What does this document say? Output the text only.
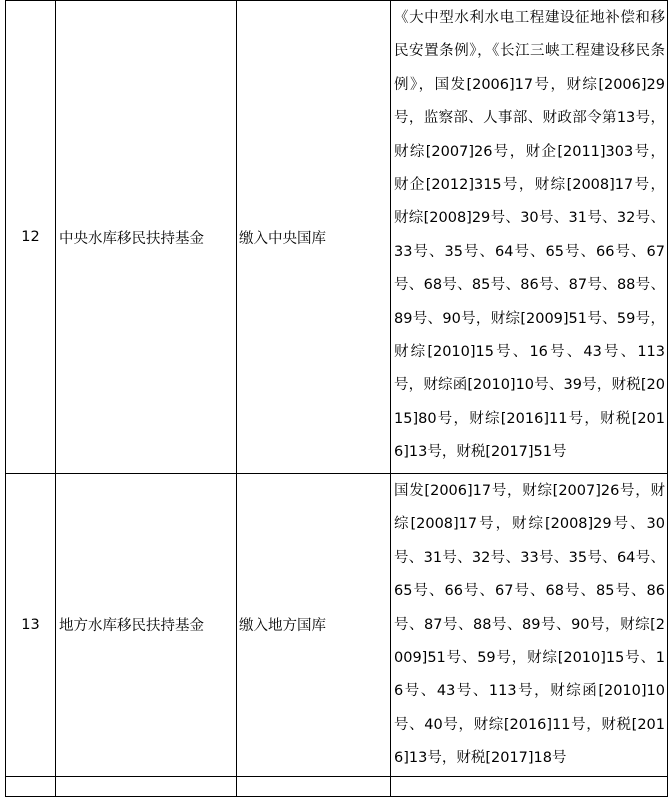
12	中央水库移民扶持基金	缴入中央国库	《大中型水利水电工程建设征地补偿和移民安置条例》，《长江三峡工程建设移民条例》，国发[2006]17号，财综[2006]29号，监察部、人事部、财政部令第13号，财综[2007]26号，财企[2011]303号，财企[2012]315号，财综[2008]17号，财综[2008]29号、30号、31号、32号、33号、35号、64号、65号、66号、67号、68号、85号、86号、87号、88号、89号、90号，财综[2009]51号、59号，财综[2010]15号、16号、43号、113号，财综函[2010]10号、39号，财税[2015]80号，财综[2016]11号，财税[2016]13号，财税[2017]51号
13	地方水库移民扶持基金	缴入地方国库	国发[2006]17号，财综[2007]26号，财综[2008]17号，财综[2008]29号、30号、31号、32号、33号、35号、64号、65号、66号、67号、68号、85号、86号、87号、88号、89号、90号，财综[2009]51号、59号，财综[2010]15号、16号、43号、113号，财综函[2010]10号、40号，财综[2016]11号，财税[2016]13号，财税[2017]18号
